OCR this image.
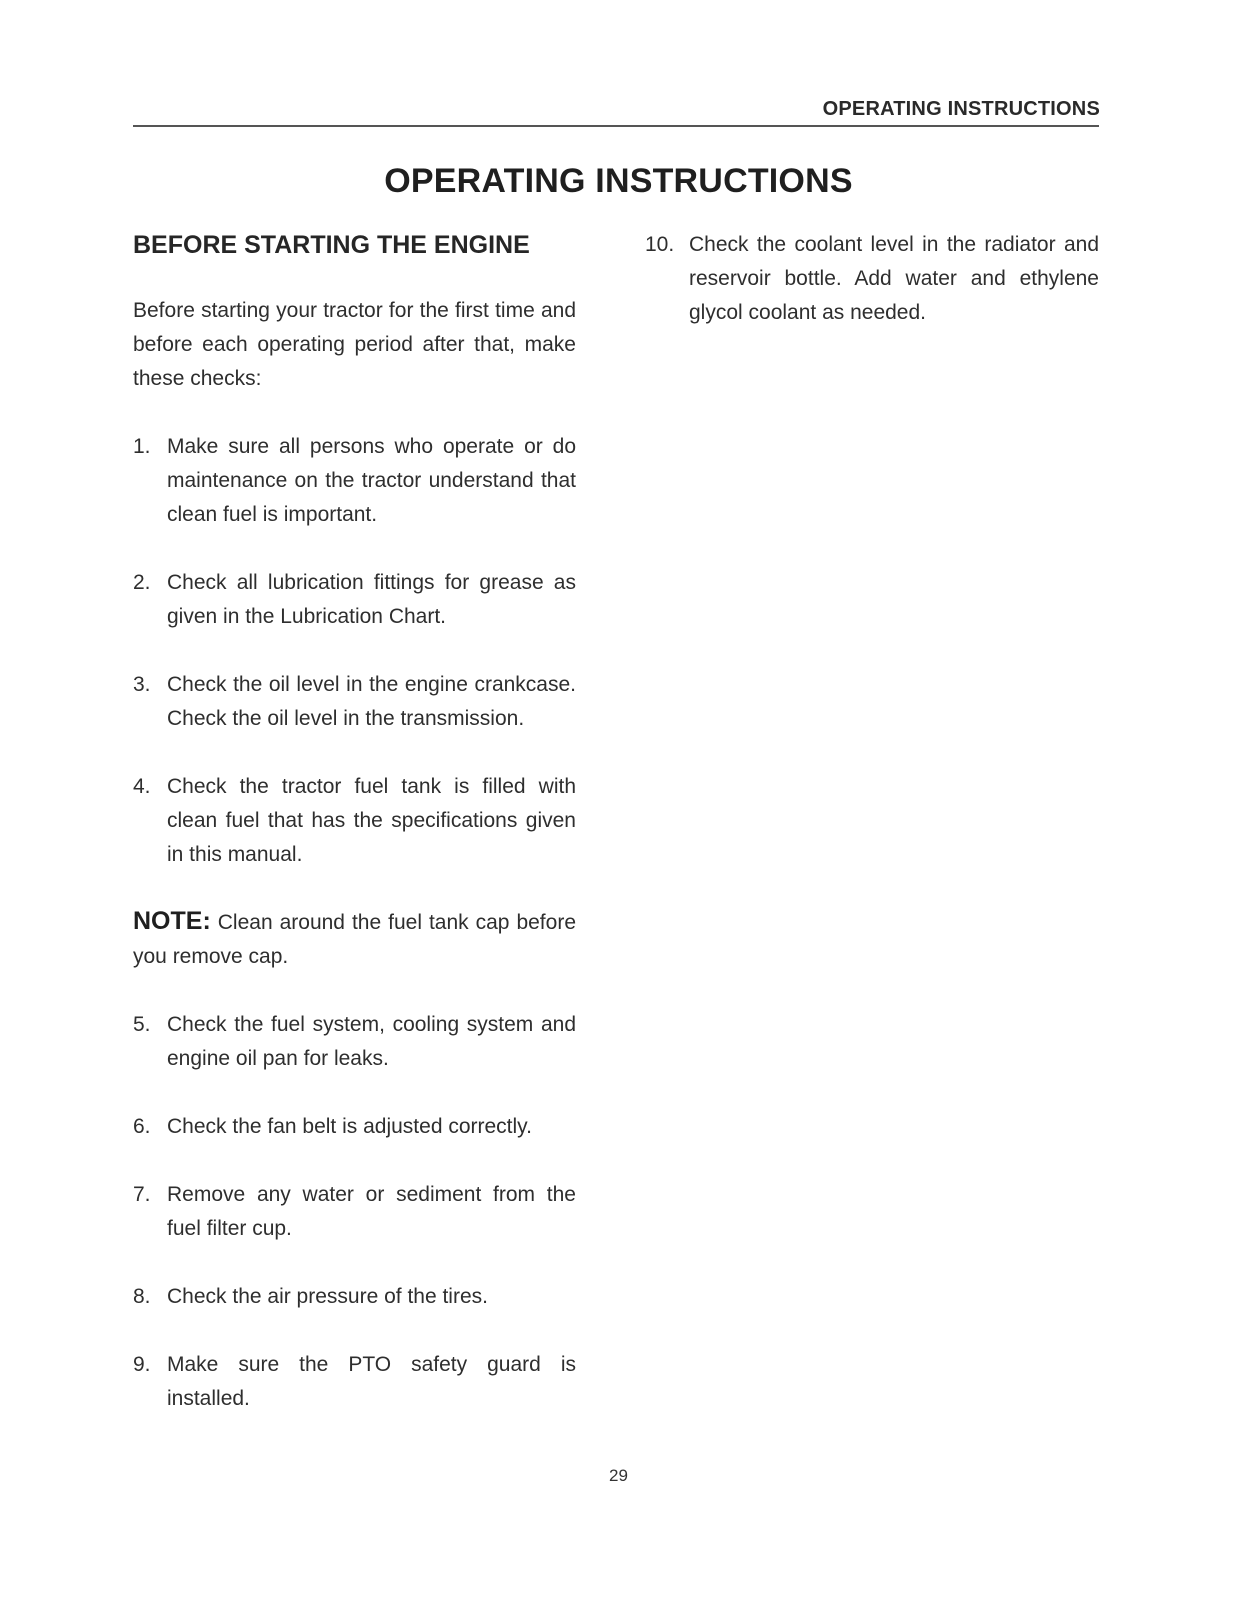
OPERATING INSTRUCTIONS
OPERATING INSTRUCTIONS
BEFORE STARTING THE ENGINE
Before starting your tractor for the first time and before each operating period after that, make these checks:
1. Make sure all persons who operate or do maintenance on the tractor understand that clean fuel is important.
2. Check all lubrication fittings for grease as given in the Lubrication Chart.
3. Check the oil level in the engine crankcase. Check the oil level in the transmission.
4. Check the tractor fuel tank is filled with clean fuel that has the specifications given in this manual.
NOTE: Clean around the fuel tank cap before you remove cap.
5. Check the fuel system, cooling system and engine oil pan for leaks.
6. Check the fan belt is adjusted correctly.
7. Remove any water or sediment from the fuel filter cup.
8. Check the air pressure of the tires.
9. Make sure the PTO safety guard is installed.
10. Check the coolant level in the radiator and reservoir bottle. Add water and ethylene glycol coolant as needed.
29
